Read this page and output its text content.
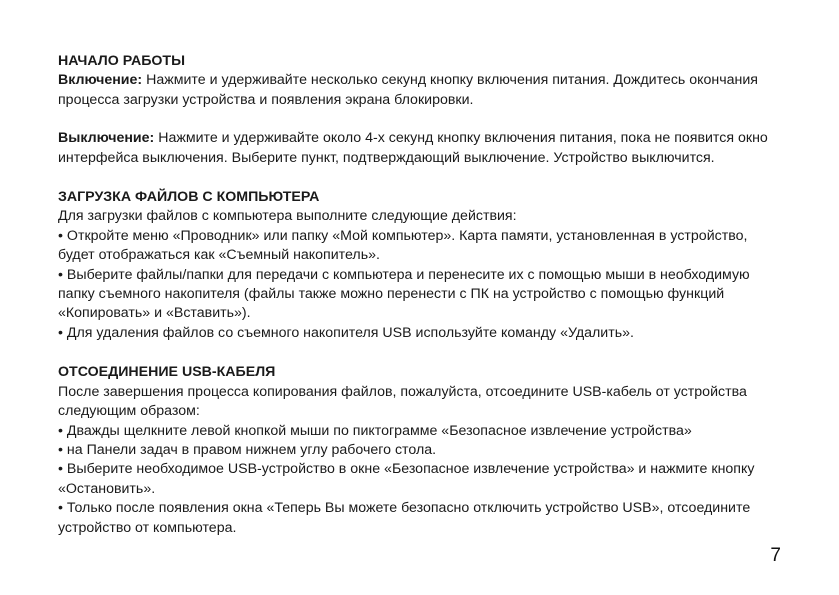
НАЧАЛО РАБОТЫ

Включение: Нажмите и удерживайте несколько секунд кнопку включения питания. Дождитесь окончания процесса загрузки устройства и появления экрана блокировки.

Выключение: Нажмите и удерживайте около 4-х секунд кнопку включения питания, пока не появится окно интерфейса выключения. Выберите пункт, подтверждающий выключение. Устройство выключится.

ЗАГРУЗКА ФАЙЛОВ С КОМПЬЮТЕРА

Для загрузки файлов с компьютера выполните следующие действия:

• Откройте меню «Проводник» или папку «Мой компьютер». Карта памяти, установленная в устройство, будет отображаться как «Съемный накопитель».

• Выберите файлы/папки для передачи с компьютера и перенесите их с помощью мыши в необходимую папку съемного накопителя (файлы также можно перенести с ПК на устройство с помощью функций «Копировать» и «Вставить»).

• Для удаления файлов со съемного накопителя USB используйте команду «Удалить».

ОТСОЕДИНЕНИЕ USB-КАБЕЛЯ

После завершения процесса копирования файлов, пожалуйста, отсоедините USB-кабель от устройства следующим образом:

• Дважды щелкните левой кнопкой мыши по пиктограмме «Безопасное извлечение устройства»

• на Панели задач в правом нижнем углу рабочего стола.

• Выберите необходимое USB-устройство в окне «Безопасное извлечение устройства» и нажмите кнопку «Остановить».

• Только после появления окна «Теперь Вы можете безопасно отключить устройство USB», отсоедините устройство от компьютера.

7
